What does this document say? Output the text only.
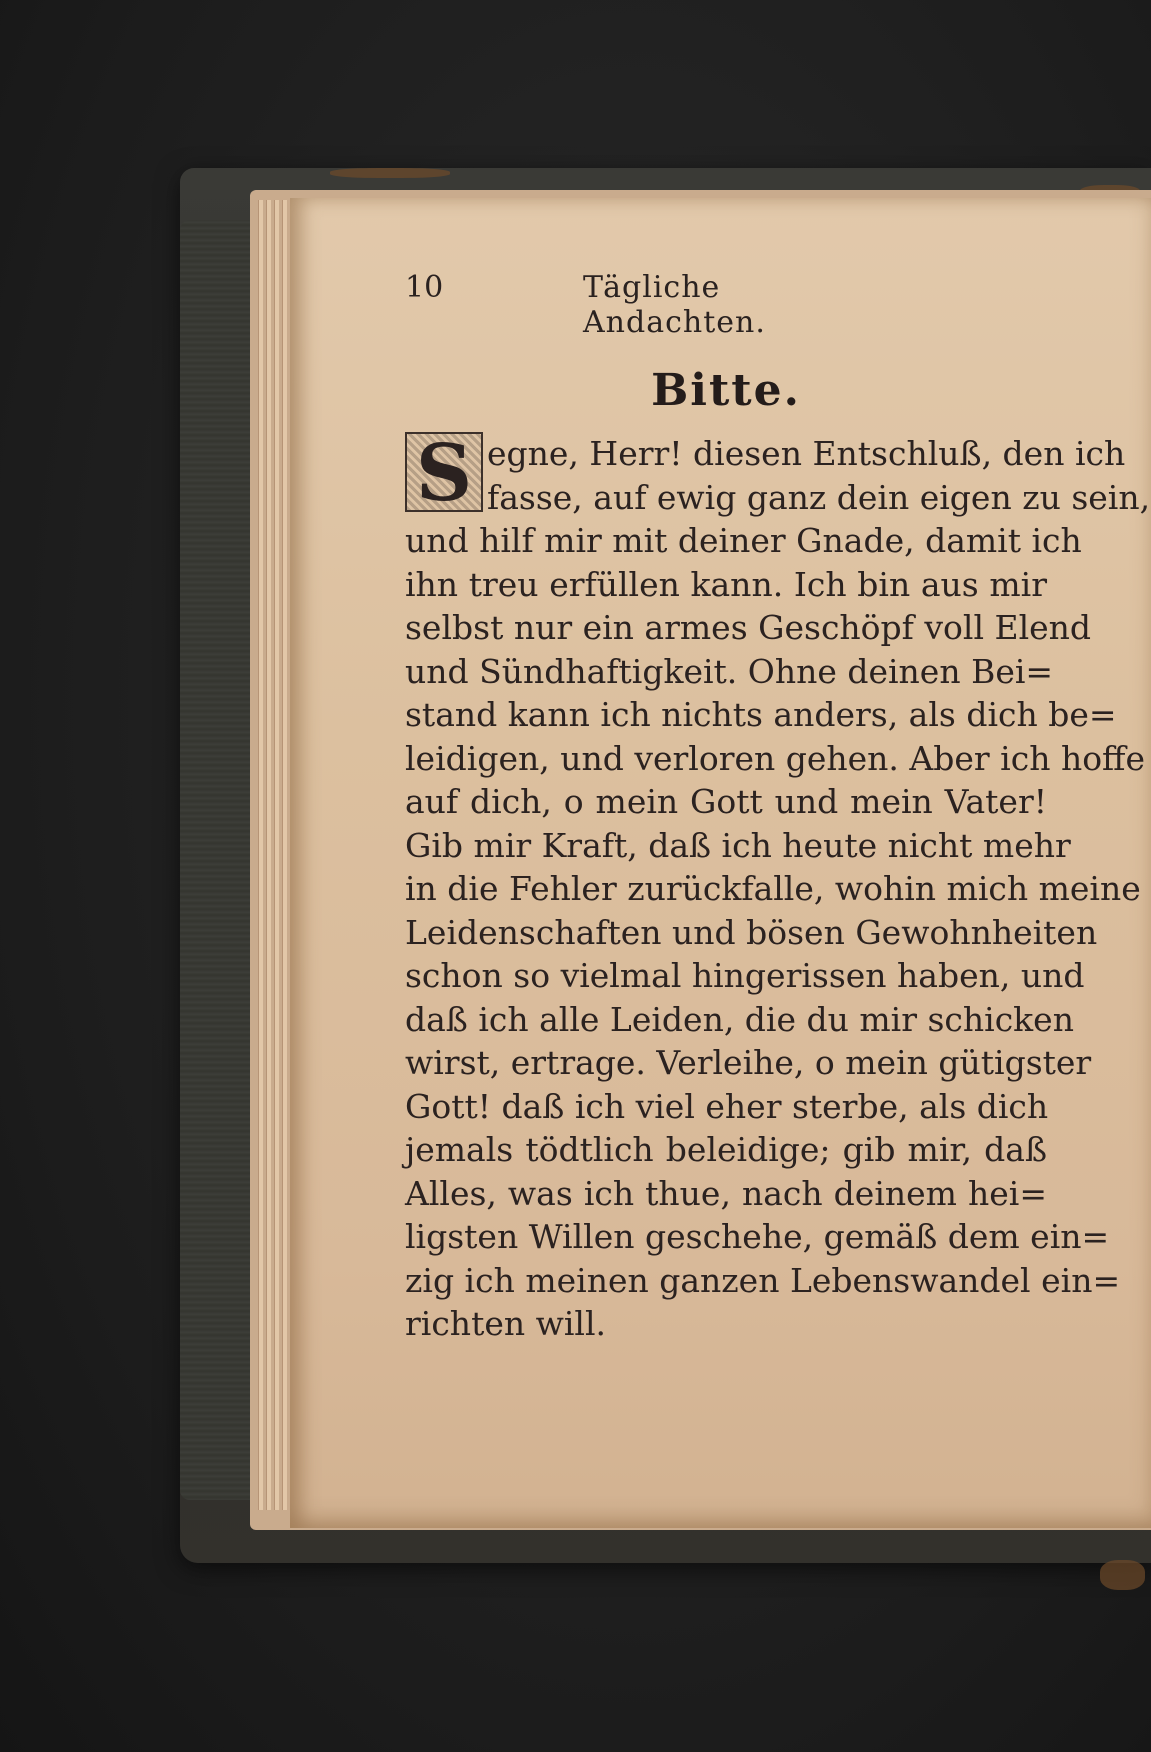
10	Tägliche Andachten.
Bitte.
S egne, Herr! diesen Entschluß, den ich
fasse, auf ewig ganz dein eigen zu sein,
und hilf mir mit deiner Gnade, damit ich
ihn treu erfüllen kann. Ich bin aus mir
selbst nur ein armes Geschöpf voll Elend
und Sündhaftigkeit. Ohne deinen Bei=
stand kann ich nichts anders, als dich be=
leidigen, und verloren gehen. Aber ich hoffe
auf dich, o mein Gott und mein Vater!
Gib mir Kraft, daß ich heute nicht mehr
in die Fehler zurückfalle, wohin mich meine
Leidenschaften und bösen Gewohnheiten
schon so vielmal hingerissen haben, und
daß ich alle Leiden, die du mir schicken
wirst, ertrage. Verleihe, o mein gütigster
Gott! daß ich viel eher sterbe, als dich
jemals tödtlich beleidige; gib mir, daß
Alles, was ich thue, nach deinem hei=
ligsten Willen geschehe, gemäß dem ein=
zig ich meinen ganzen Lebenswandel ein=
richten will.
